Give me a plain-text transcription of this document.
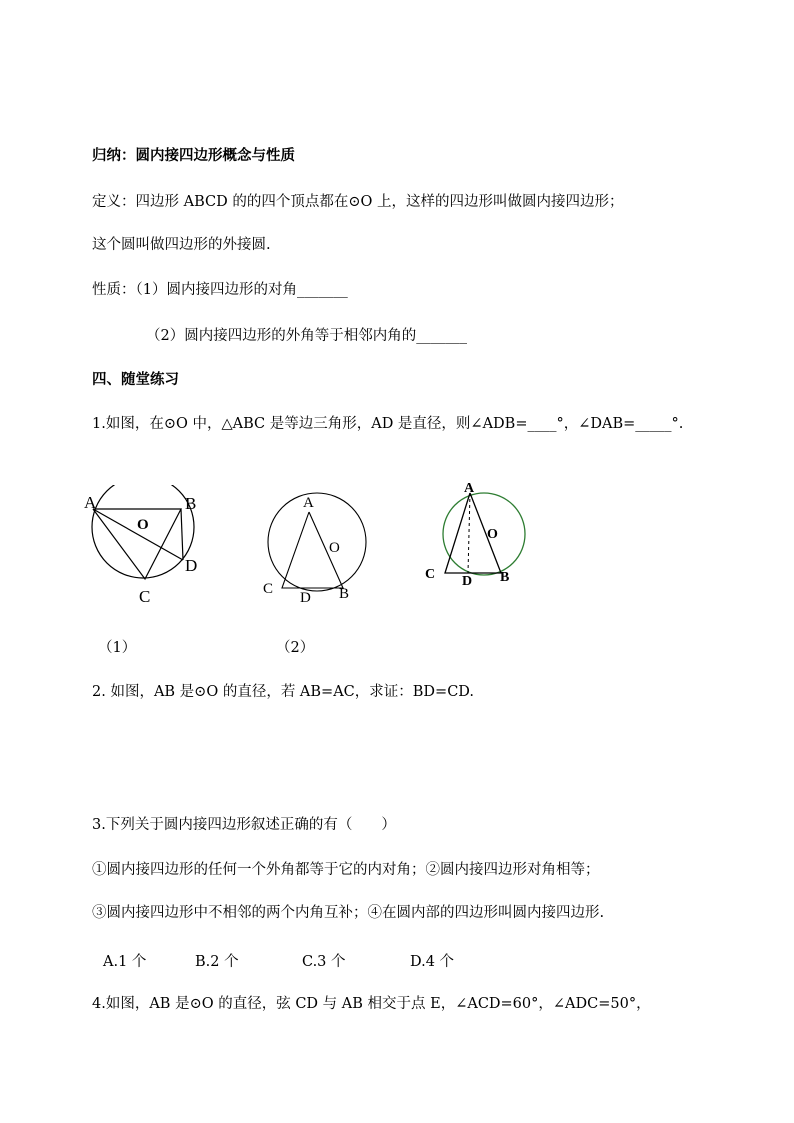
归纳：圆内接四边形概念与性质
定义：四边形 ABCD 的的四个顶点都在⊙O 上，这样的四边形叫做圆内接四边形；
这个圆叫做四边形的外接圆.
性质：（1）圆内接四边形的对角_______
（2）圆内接四边形的外角等于相邻内角的_______
四、随堂练习
1.如图，在⊙O 中，△ABC 是等边三角形，AD 是直径，则∠ADB=____°，∠DAB=_____°.
A	B
C
D
O
（1）
A
C
D B
O
（2）
A
C D B
O
2. 如图，AB 是⊙O 的直径，若 AB=AC，求证：BD=CD.
3.下列关于圆内接四边形叙述正确的有（　　）
①圆内接四边形的任何一个外角都等于它的内对角；②圆内接四边形对角相等；
③圆内接四边形中不相邻的两个内角互补；④在圆内部的四边形叫圆内接四边形.
A.1 个	B.2 个	C.3 个	D.4 个
4.如图，AB 是⊙O 的直径，弦 CD 与 AB 相交于点 E，∠ACD=60°，∠ADC=50°，
